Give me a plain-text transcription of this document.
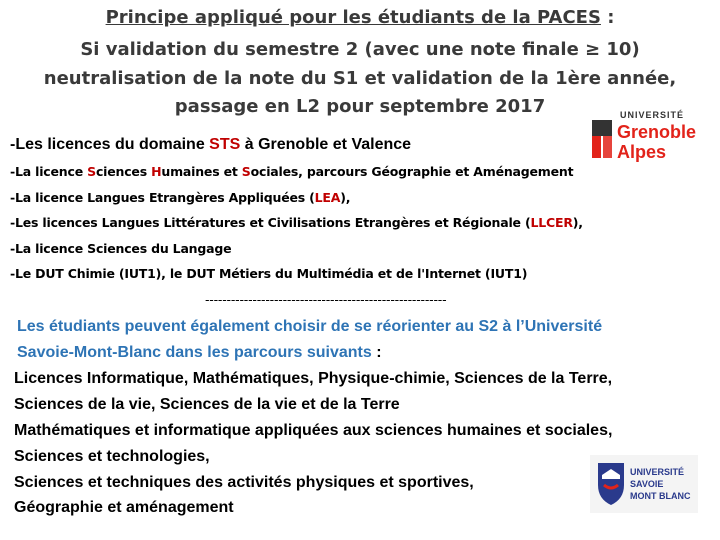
Principe appliqué pour les étudiants de la PACES :
Si validation du semestre 2 (avec une note finale ≥ 10)
neutralisation de la note du S1 et validation de la 1ère année,
passage en L2 pour septembre 2017	UNIVERSITÉ
Grenoble
Alpes
-Les licences du domaine STS à Grenoble et Valence
-La licence Sciences Humaines et Sociales, parcours Géographie et Aménagement
-La licence Langues Etrangères Appliquées (LEA),
-Les licences Langues Littératures et Civilisations Etrangères et Régionale (LLCER),
-La licence Sciences du Langage
-Le DUT Chimie (IUT1), le DUT Métiers du Multimédia et de l'Internet (IUT1)
--------------------------------------------------------
Les étudiants peuvent également choisir de se réorienter au S2 à l’Université
Savoie-Mont-Blanc dans les parcours suivants :
Licences Informatique, Mathématiques, Physique-chimie, Sciences de la Terre,
Sciences de la vie, Sciences de la vie et de la Terre
Mathématiques et informatique appliquées aux sciences humaines et sociales,
Sciences et technologies,
Sciences et techniques des activités physiques et sportives,
Géographie et aménagement
UNIVERSITÉ
SAVOIE
MONT BLANC
